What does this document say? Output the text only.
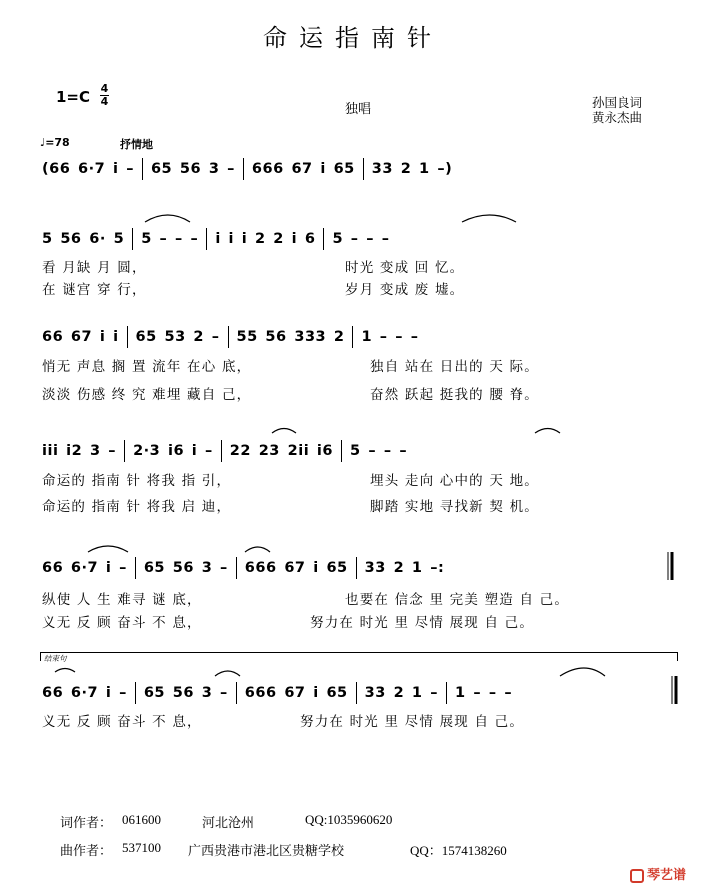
命运指南针
1=C 4
4
独唱	孙国良词
黄永杰曲
♩=78	抒情地
(66 6·7 i – 65 56 3 – 666 67 i 65 33 2 1 –)
5 56 6· 5 5 – – – i i i 2 2 i 6 5 – – –
看 月缺 月 圆，	时光 变成 回 忆。
在 谜宫 穿 行，	岁月 变成 废 墟。
66 67 i i 65 53 2 – 55 56 333 2 1 – – –
悄无 声息 搁 置 流年 在心 底，	独自 站在 日出的 天 际。
淡淡 伤感 终 究 难埋 藏自 己，	奋然 跃起 挺我的 腰 脊。
iii i2 3 – 2·3 i6 i – 22 23 2ii i6 5 – – –
命运的 指南 针 将我 指 引，	埋头 走向 心中的 天 地。
命运的 指南 针 将我 启 迪，	脚踏 实地 寻找新 契 机。
66 6·7 i – 65 56 3 – 666 67 i 65 33 2 1 –:
纵使 人 生 难寻 谜 底，	也要在 信念 里 完美 塑造 自 己。
义无 反 顾 奋斗 不 息，	努力在 时光 里 尽情 展现 自 己。
结束句
66 6·7 i – 65 56 3 – 666 67 i 65 33 2 1 – 1 – – –
义无 反 顾 奋斗 不 息，	努力在 时光 里 尽情 展现 自 己。
词作者： 061600	河北沧州	QQ:1035960620
曲作者： 537100 广西贵港市港北区贵糖学校	QQ：1574138260
琴艺谱
